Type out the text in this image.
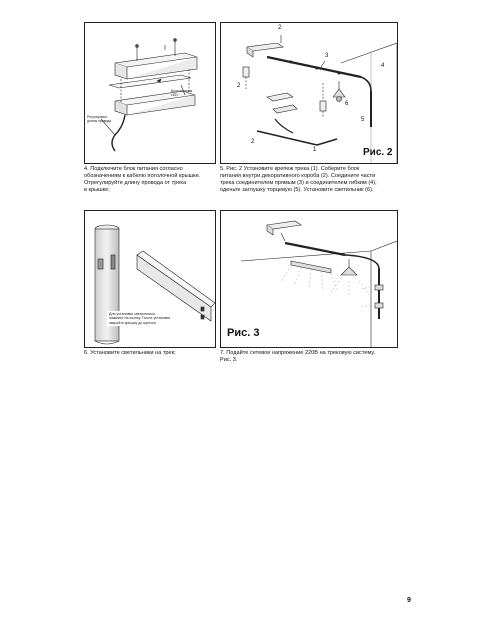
Блок питания
LED
Регулировка
длины провода
2
3
4
2
6
5
2
1	Рис. 2
4. Подключите блок питания согласно
обозначениям к кабелю потолочной крышке.
Отрегулируйте длину провода от трека
в крышке;
5. Рис. 2 Установите крепеж трека (1). Соберите блок
питания внутри декоративного короба (2). Соедините части
трека соединителем прямым (3) и соединителем гибким (4),
оденьте заглушку торцевую (5). Установите светильник (6).
Для установки светильника
нажмите на кнопку. После установки
закройте крышку до щелчка
Рис. 3
6. Установите светильники на трек;	7. Подайте сетевое напряжение 220В на трековую систему.
Рис. 3.
9
